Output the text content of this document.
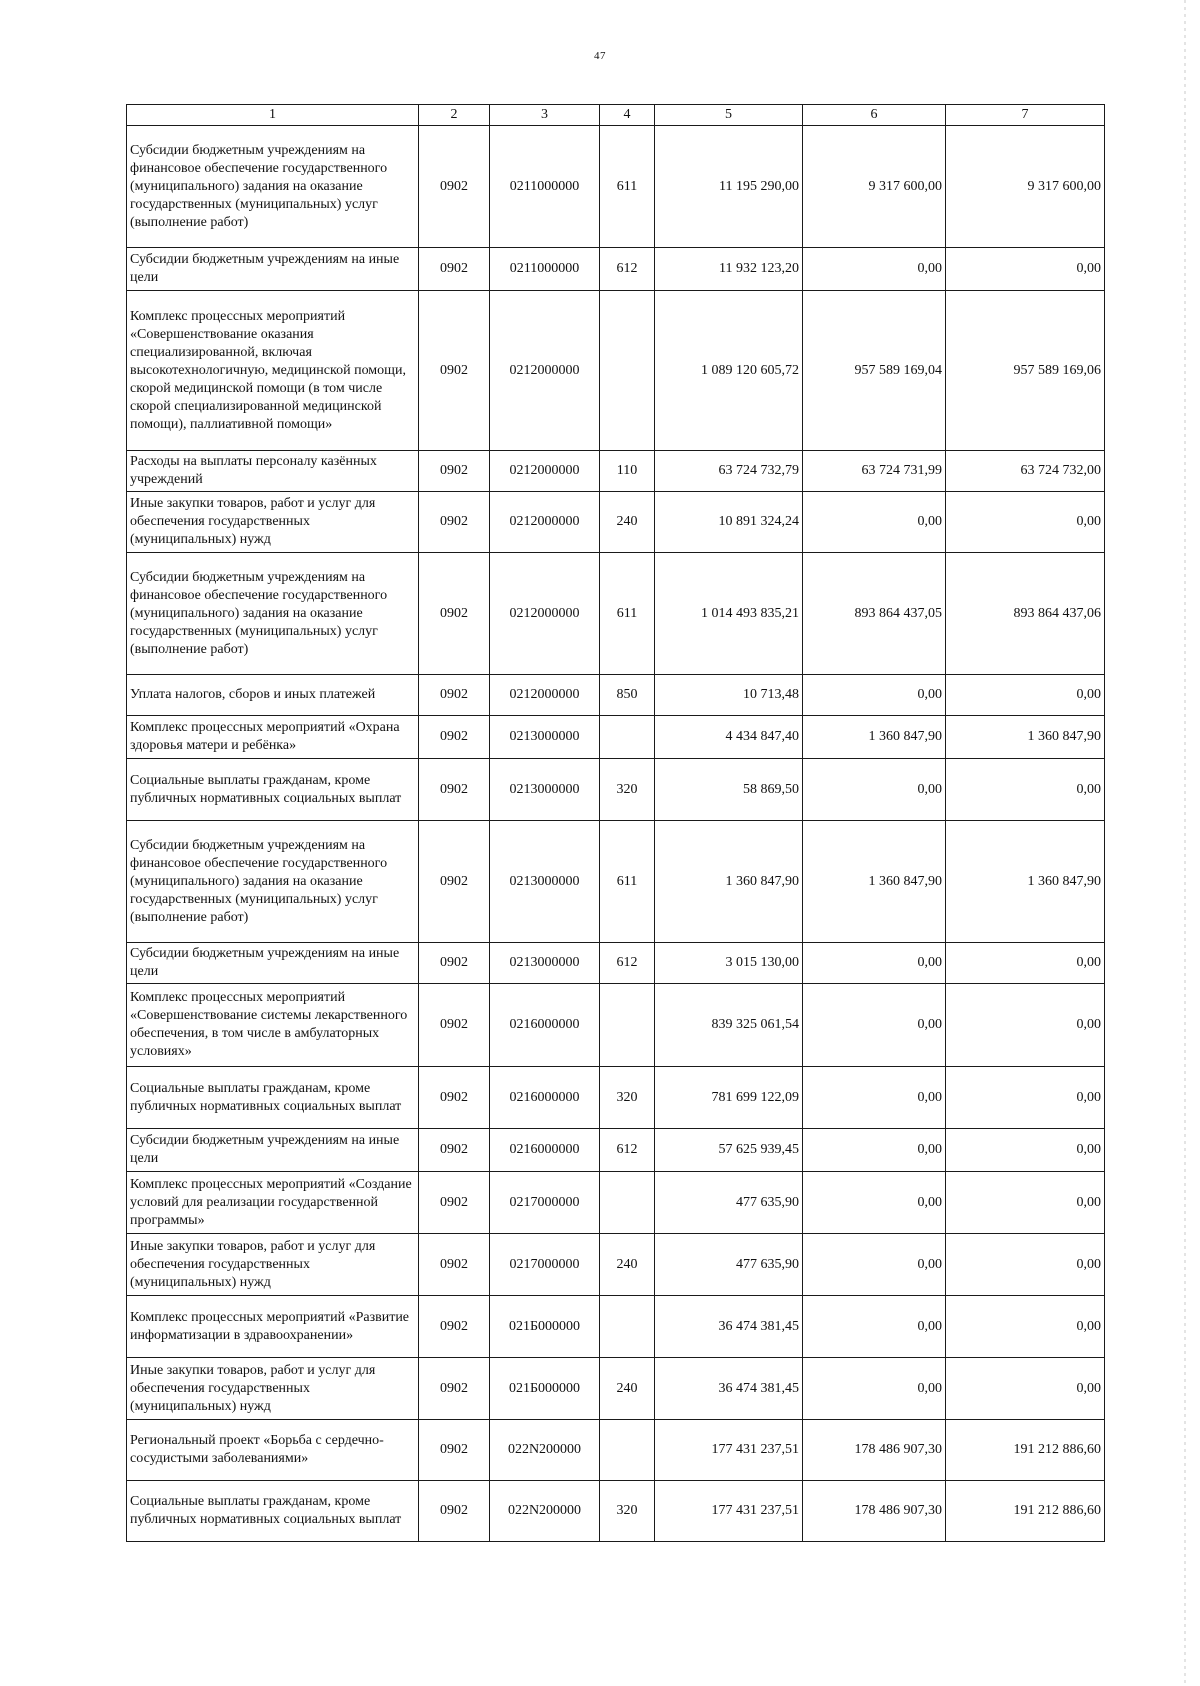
47
1	2	3	4	5	6	7
Субсидии бюджетным учреждениям на финансовое обеспечение государственного (муниципального) задания на оказание государственных (муниципальных) услуг (выполнение работ)	0902	0211000000	611	11 195 290,00	9 317 600,00	9 317 600,00
Субсидии бюджетным учреждениям на иные цели	0902	0211000000	612	11 932 123,20	0,00	0,00
Комплекс процессных мероприятий «Совершенствование оказания специализированной, включая высокотехнологичную, медицинской помощи, скорой медицинской помощи (в том числе скорой специализированной медицинской помощи), паллиативной помощи»	0902	0212000000		1 089 120 605,72	957 589 169,04	957 589 169,06
Расходы на выплаты персоналу казённых учреждений	0902	0212000000	110	63 724 732,79	63 724 731,99	63 724 732,00
Иные закупки товаров, работ и услуг для обеспечения государственных (муниципальных) нужд	0902	0212000000	240	10 891 324,24	0,00	0,00
Субсидии бюджетным учреждениям на финансовое обеспечение государственного (муниципального) задания на оказание государственных (муниципальных) услуг (выполнение работ)	0902	0212000000	611	1 014 493 835,21	893 864 437,05	893 864 437,06
Уплата налогов, сборов и иных платежей	0902	0212000000	850	10 713,48	0,00	0,00
Комплекс процессных мероприятий «Охрана здоровья матери и ребёнка»	0902	0213000000		4 434 847,40	1 360 847,90	1 360 847,90
Социальные выплаты гражданам, кроме публичных нормативных социальных выплат	0902	0213000000	320	58 869,50	0,00	0,00
Субсидии бюджетным учреждениям на финансовое обеспечение государственного (муниципального) задания на оказание государственных (муниципальных) услуг (выполнение работ)	0902	0213000000	611	1 360 847,90	1 360 847,90	1 360 847,90
Субсидии бюджетным учреждениям на иные цели	0902	0213000000	612	3 015 130,00	0,00	0,00
Комплекс процессных мероприятий «Совершенствование системы лекарственного обеспечения, в том числе в амбулаторных условиях»	0902	0216000000		839 325 061,54	0,00	0,00
Социальные выплаты гражданам, кроме публичных нормативных социальных выплат	0902	0216000000	320	781 699 122,09	0,00	0,00
Субсидии бюджетным учреждениям на иные цели	0902	0216000000	612	57 625 939,45	0,00	0,00
Комплекс процессных мероприятий «Создание условий для реализации государственной программы»	0902	0217000000		477 635,90	0,00	0,00
Иные закупки товаров, работ и услуг для обеспечения государственных (муниципальных) нужд	0902	0217000000	240	477 635,90	0,00	0,00
Комплекс процессных мероприятий «Развитие информатизации в здравоохранении»	0902	021Б000000		36 474 381,45	0,00	0,00
Иные закупки товаров, работ и услуг для обеспечения государственных (муниципальных) нужд	0902	021Б000000	240	36 474 381,45	0,00	0,00
Региональный проект «Борьба с сердечно-сосудистыми заболеваниями»	0902	022N200000		177 431 237,51	178 486 907,30	191 212 886,60
Социальные выплаты гражданам, кроме публичных нормативных социальных выплат	0902	022N200000	320	177 431 237,51	178 486 907,30	191 212 886,60
